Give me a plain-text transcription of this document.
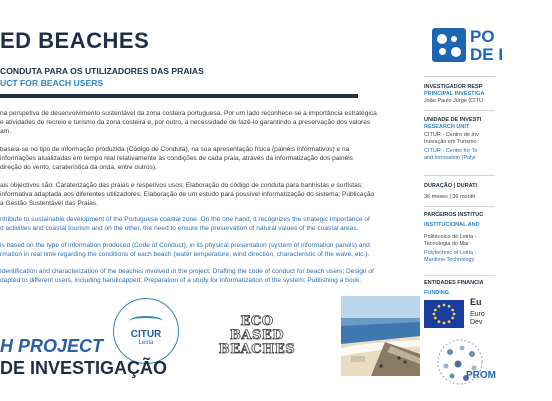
ED BEACHES
CONDUTA PARA OS UTILIZADORES DAS PRAIAS
UCT FOR BEACH USERS
na perspetiva de desenvolvimento sustentável da zona costeira portuguesa. Por um lado reconhece-se a importância estratégica
e atividades de recreio e turismo da zona costeira e, por outro, a necessidade de fazê-lo garantindo a preservação dos valores
am.
baseia-se no tipo de informação produzida (Código de Conduta), na sua apresentação física (painéis informativos) e na
informações atualizadas em tempo real relativamente às condições de cada praia, através da informatização dos painéis
direção do vento, caraterística da onda, entre outros).
ais objectivos são: Caraterização das praias e respetivos usos; Elaboração do código de conduta para banhistas e surfistas;
informativa adaptada aos diferentes utilizadores; Elaboração de um estudo para possível informatização do sistema; Publicação
a Gestão Sustentável das Praias.
ntribute to sustainable development of the Portuguese coastal zone. On the one hand, it recognizes the strategic importance of
d activities and coastal tourism and on the other, the need to ensure the preservation of natural values of the coastal areas.
is based on the type of information produced (Code of Conduct), in its physical presentation (system of information panels) and
rmation in real time regarding the conditions of each beach (water temperature, wind direction, characteristic of the wave, etc.).
Identification and characterization of the beaches involved in the project; Drafting the code of conduct for beach users; Design of
dapted to different users, including handicapped; Preparation of a study for informatization of the system; Publishing a book.
CITUR
Leiria
ECO BASED
BEACHES
H PROJECT
DE INVESTIGAÇÃO
PO
DE I
INVESTIGADOR RESP
PRINCIPAL INVESTIGA
João Paulo Jorge (CITU
UNIDADE DE INVESTI
RESEARCH UNIT
CITUR - Centro de Inv
Inovação em Turismo
CITUR - Center for To
and Innovation (Polyt
DURAÇÃO | DURATI
36 meses | 36 month
PARCEIROS INSTITUC
INSTITUCIONAL AND
Politécnico de Leiria -
Tecnologia do Mar
Polytechnic of Leiria -
Maritime Technology
ENTIDADES FINANCIA
FUNDING
Eu
Euro
Dev
PROM
